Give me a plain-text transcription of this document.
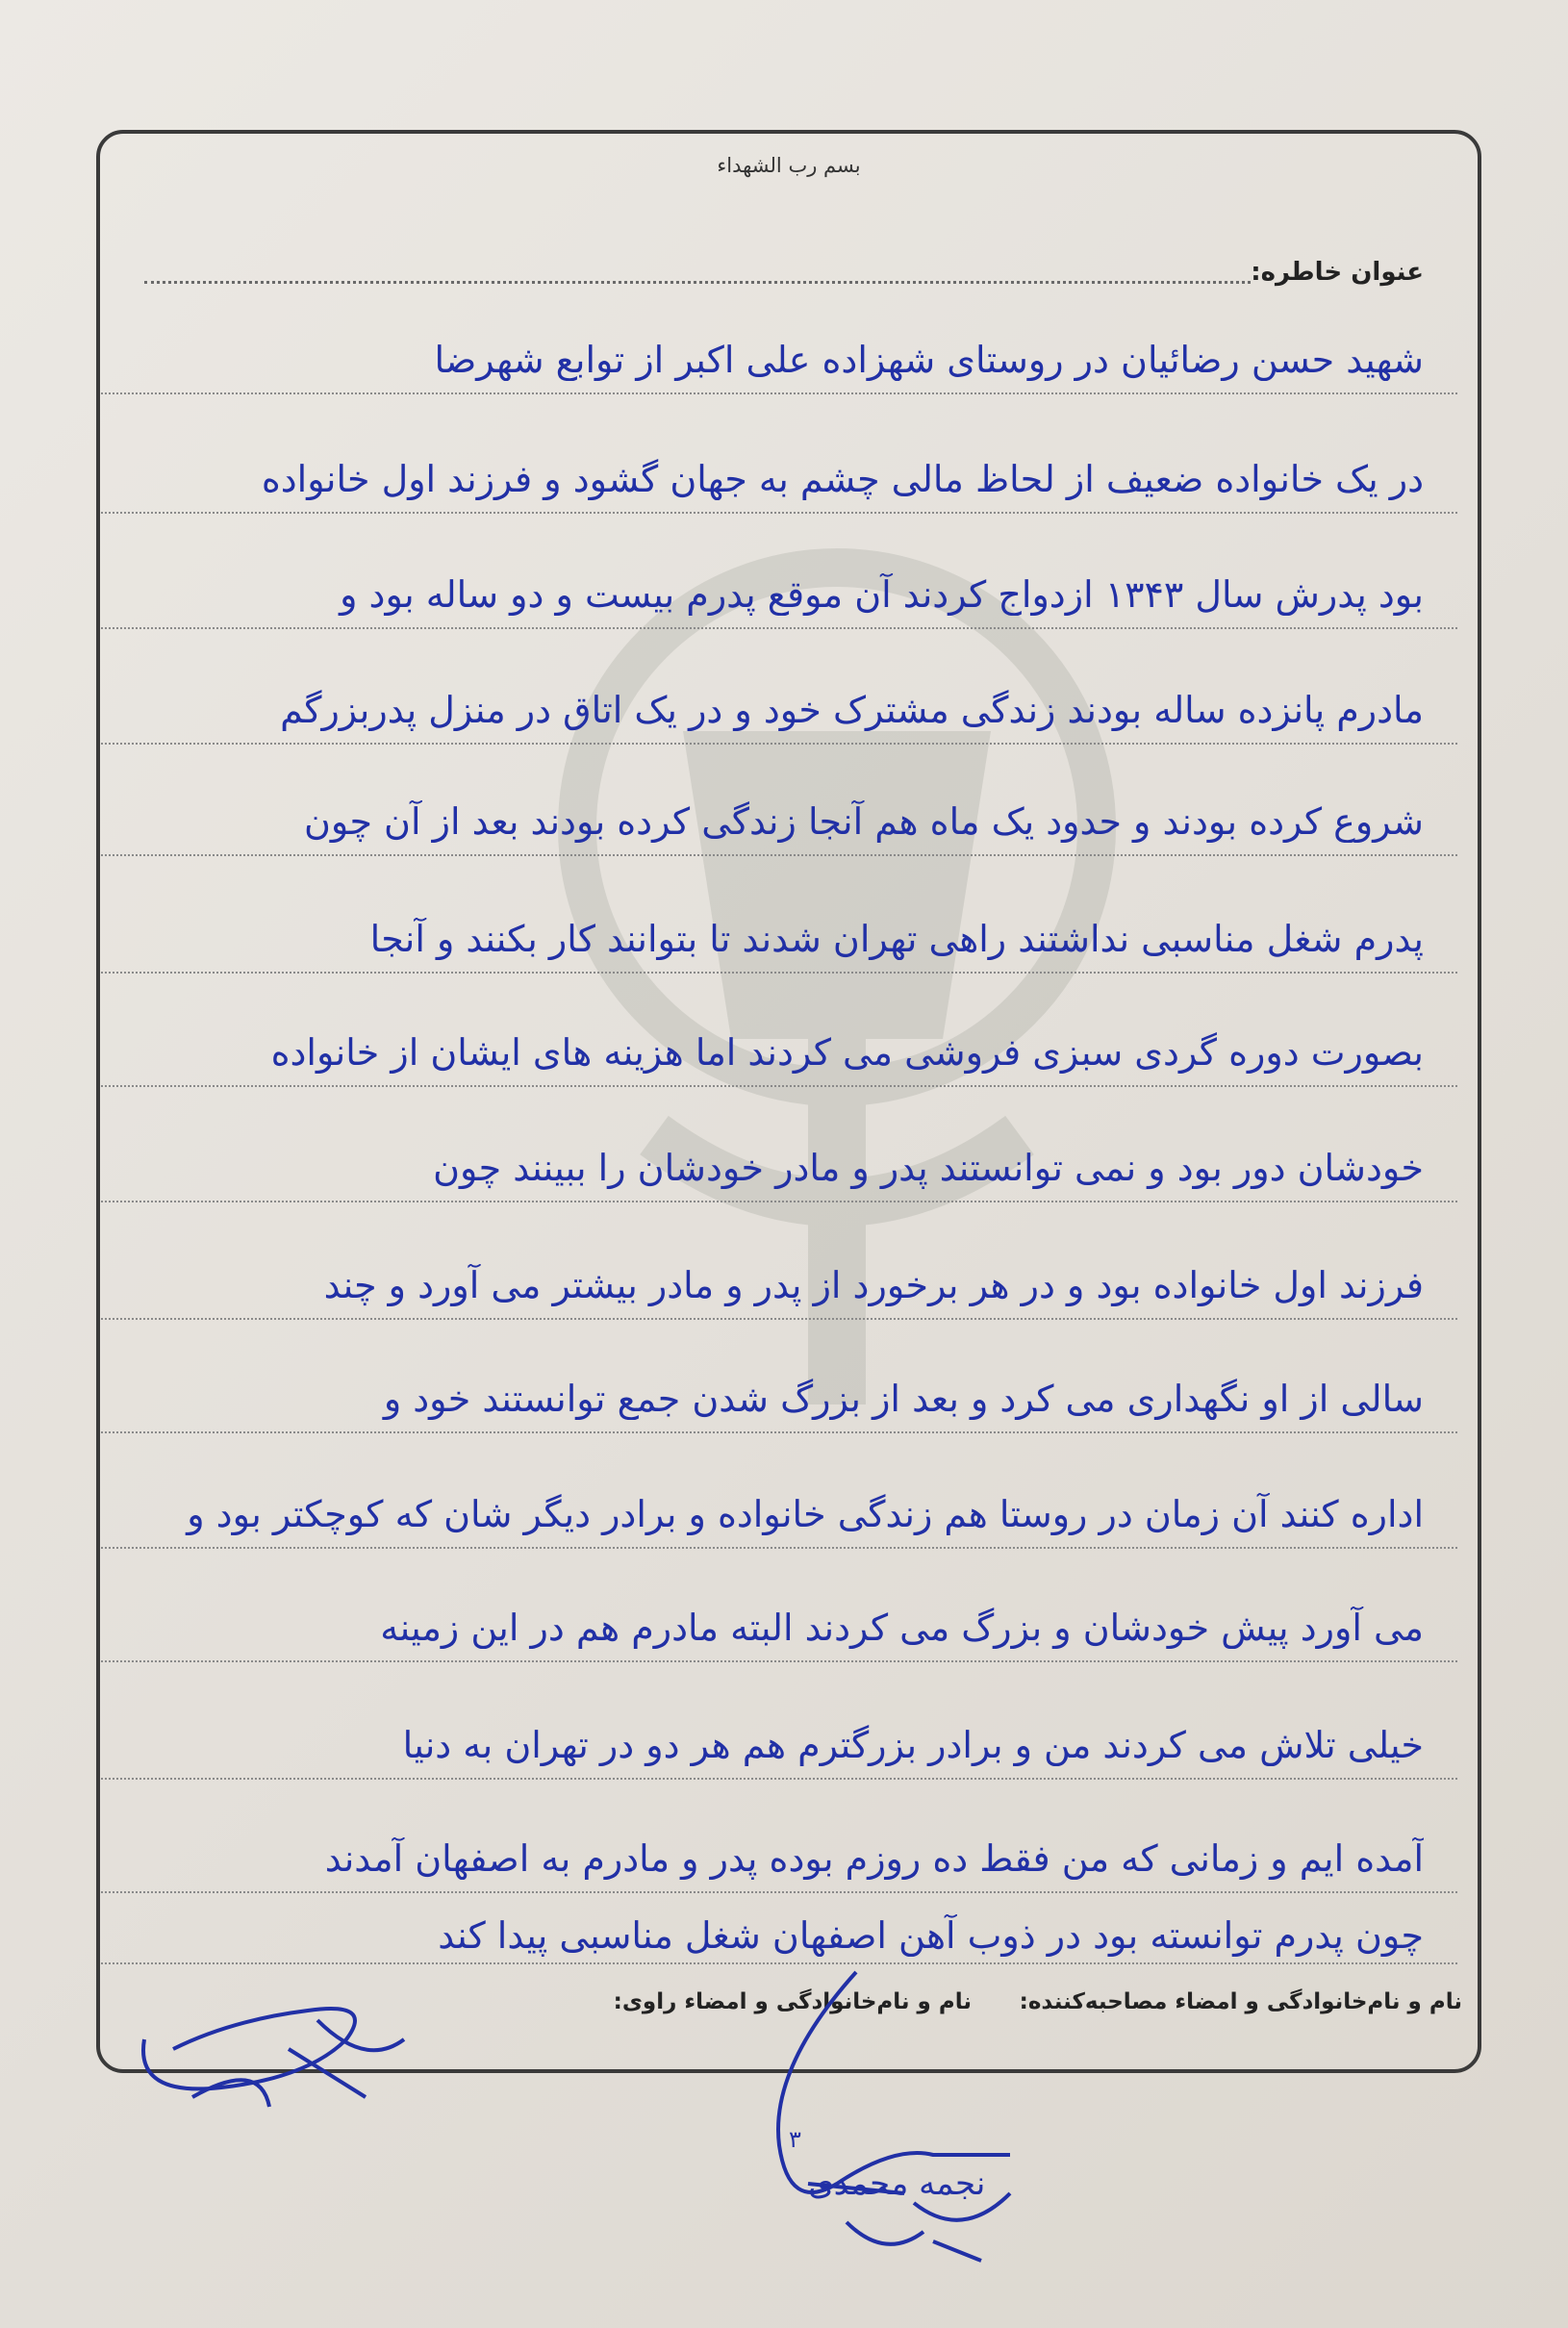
بسم رب الشهداء
عنوان خاطره:
شهید حسن رضائیان در روستای شهزاده علی اکبر از توابع شهرضا
در یک خانواده ضعیف از لحاظ مالی چشم به جهان گشود و فرزند اول خانواده
بود پدرش سال ۱۳۴۳ ازدواج کردند آن موقع پدرم بیست و دو ساله بود و
مادرم پانزده ساله بودند زندگی مشترک خود و در یک اتاق در منزل پدربزرگم
شروع کرده بودند و حدود یک ماه هم آنجا زندگی کرده بودند بعد از آن چون
پدرم شغل مناسبی نداشتند راهی تهران شدند تا بتوانند کار بکنند و آنجا
بصورت دوره گردی سبزی فروشی می کردند اما هزینه های ایشان از خانواده
خودشان دور بود و نمی توانستند پدر و مادر خودشان را ببینند چون
فرزند اول خانواده بود و در هر برخورد از پدر و مادر بیشتر می آورد و چند
سالی از او نگهداری می کرد و بعد از بزرگ شدن جمع توانستند خود و
اداره کنند آن زمان در روستا هم زندگی خانواده و برادر دیگر شان که کوچکتر بود و
می آورد پیش خودشان و بزرگ می کردند البته مادرم هم در این زمینه
خیلی تلاش می کردند من و برادر بزرگترم هم هر دو در تهران به دنیا
آمده ایم و زمانی که من فقط ده روزم بوده پدر و مادرم به اصفهان آمدند
چون پدرم توانسته بود در ذوب آهن اصفهان شغل مناسبی پیدا کند
نام و نام‌خانوادگی و امضاء مصاحبه‌کننده:
نام و نام‌خانوادگی و امضاء راوی:
۳
نجمه محمدی
